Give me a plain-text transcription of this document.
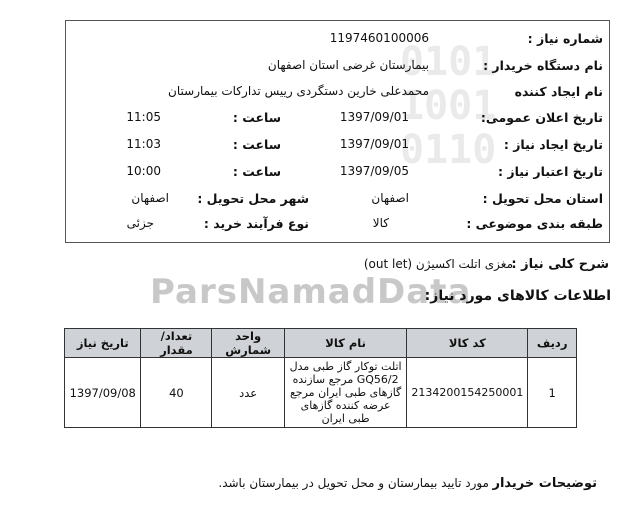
0101
1001
0110
شماره نیاز :
1197460100006
نام دستگاه خریدار :
بیمارستان غرضی استان اصفهان
نام ایجاد کننده
محمدعلی خارین دستگردی رییس تدارکات بیمارستان
تاریخ اعلان عمومی:
1397/09/01
ساعت :
11:05
تاریخ ایجاد نیاز :
1397/09/01
ساعت :
11:03
تاریخ اعتبار نیاز :
1397/09/05
ساعت :
10:00
استان محل تحویل :
اصفهان
شهر محل تحویل :
اصفهان
طبقه بندی موضوعی :
کالا
نوع فرآیند خرید :
جزئی
شرح کلی نیاز :
مغزی اتلت اکسیژن (out let)
ParsNamadData
اطلاعات کالاهای مورد نیاز:
ردیف	کد کالا	نام کالا	واحد شمارش	تعداد/ مقدار	تاریخ نیاز
1	2134200154250001	اتلت توکار گاز طبی مدل GQ56/2 مرجع سازنده گازهای طبی ایران مرجع عرضه کننده گازهای طبی ایران	عدد	40	1397/09/08
توضیحات خریدار
مورد تایید بیمارستان و محل تحویل در بیمارستان باشد.
